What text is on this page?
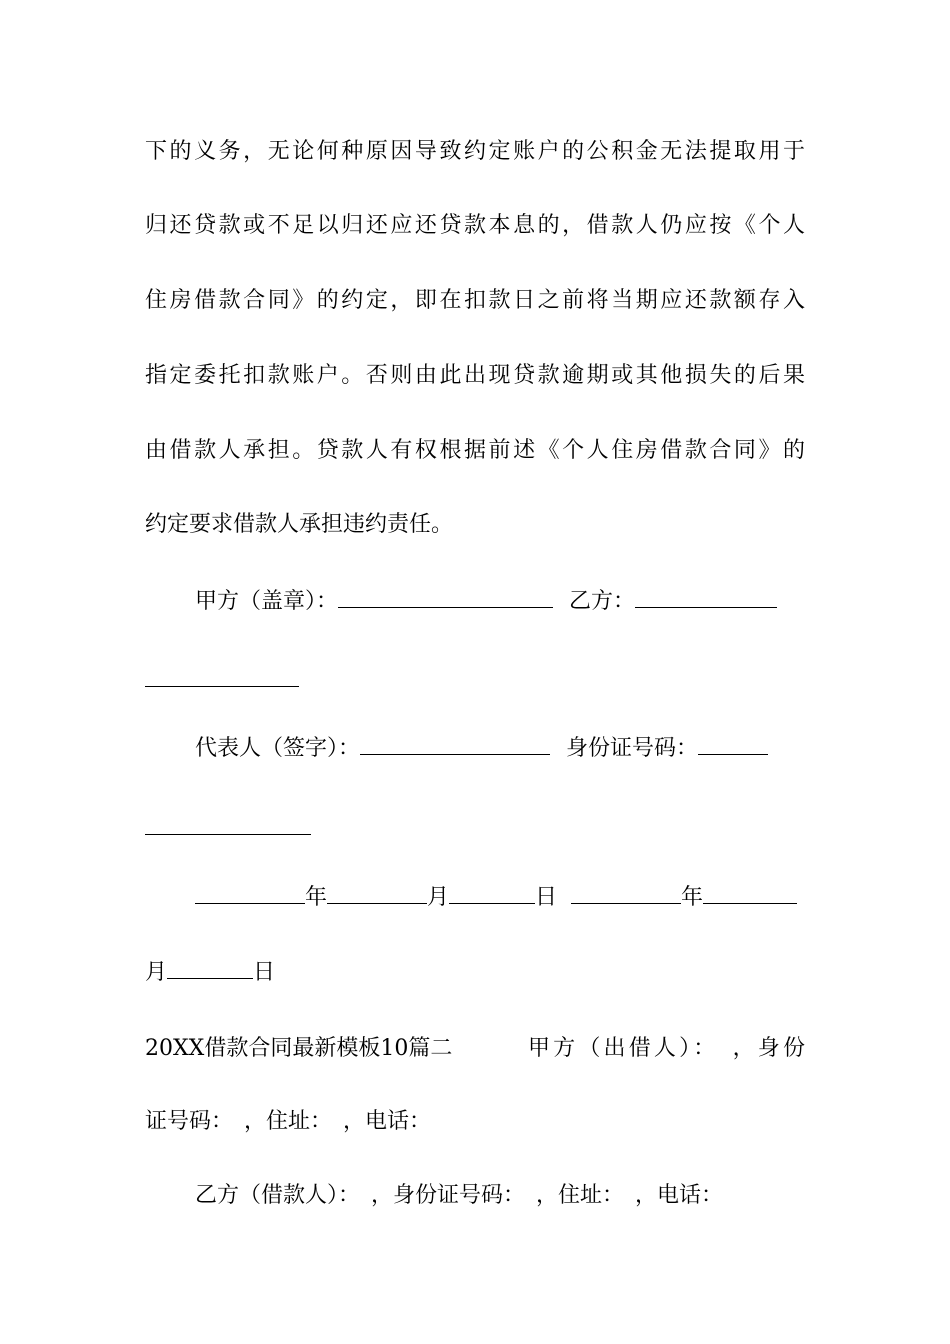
下的义务，无论何种原因导致约定账户的公积金无法提取用于
归还贷款或不足以归还应还贷款本息的，借款人仍应按《个人
住房借款合同》的约定，即在扣款日之前将当期应还款额存入
指定委托扣款账户。否则由此出现贷款逾期或其他损失的后果
由借款人承担。贷款人有权根据前述《个人住房借款合同》的
约定要求借款人承担违约责任。
甲方（盖章）：	乙方：
代表人（签字）：	身份证号码：
年	月	日	年
月	日
20XX借款合同最新模板10篇二	甲方（出借人）：　，身份
证号码：　，住址：　，电话：
乙方（借款人）：　，身份证号码：　，住址：　，电话：
